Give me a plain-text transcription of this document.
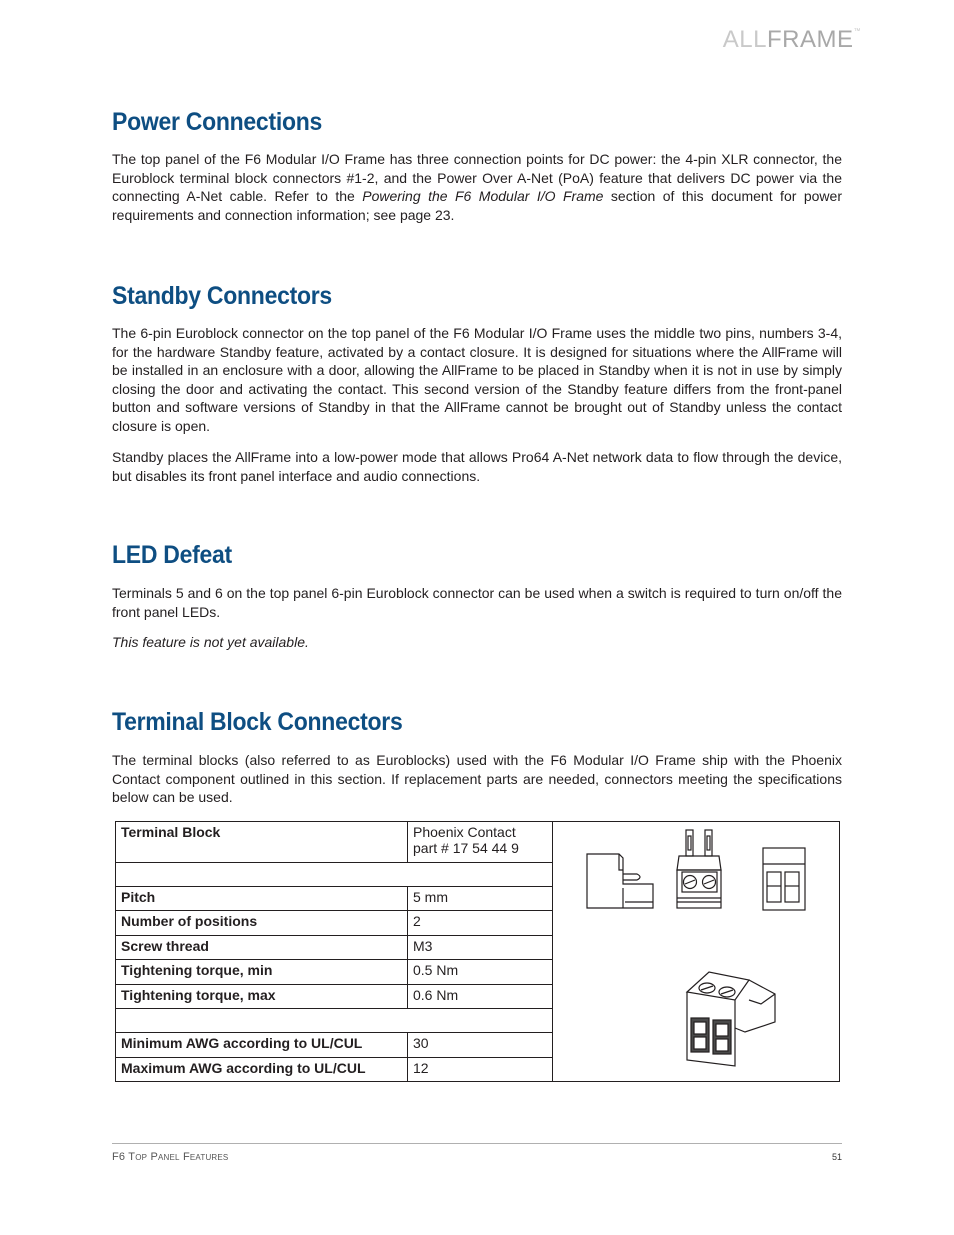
ALLFRAME™
Power Connections

The top panel of the F6 Modular I/O Frame has three connection points for DC power: the 4-pin XLR connector, the Euroblock terminal block connectors #1-2, and the Power Over A-Net (PoA) feature that delivers DC power via the connecting A-Net cable. Refer to the Powering the F6 Modular I/O Frame section of this document for power requirements and connection information; see page 23.

Standby Connectors

The 6-pin Euroblock connector on the top panel of the F6 Modular I/O Frame uses the middle two pins, numbers 3-4, for the hardware Standby feature, activated by a contact closure. It is designed for situations where the AllFrame will be installed in an enclosure with a door, allowing the AllFrame to be placed in Standby when it is not in use by simply closing the door and activating the contact. This second version of the Standby feature differs from the front-panel button and software versions of Standby in that the AllFrame cannot be brought out of Standby unless the contact closure is open.

Standby places the AllFrame into a low-power mode that allows Pro64 A-Net network data to flow through the device, but disables its front panel interface and audio connections.

LED Defeat

Terminals 5 and 6 on the top panel 6-pin Euroblock connector can be used when a switch is required to turn on/off the front panel LEDs.

This feature is not yet available.

Terminal Block Connectors

The terminal blocks (also referred to as Euroblocks) used with the F6 Modular I/O Frame ship with the Phoenix Contact component outlined in this section. If replacement parts are needed, connectors meeting the specifications below can be used.

Terminal Block	Phoenix Contact
part # 17 54 44 9	

Pitch	5 mm	
Number of positions	2	
Screw thread	M3	
Tightening torque, min	0.5 Nm	
Tightening torque, max	0.6 Nm	

Minimum AWG according to UL/CUL	30	
Maximum AWG according to UL/CUL	12	
F6 TOP PANEL FEATURES	51
